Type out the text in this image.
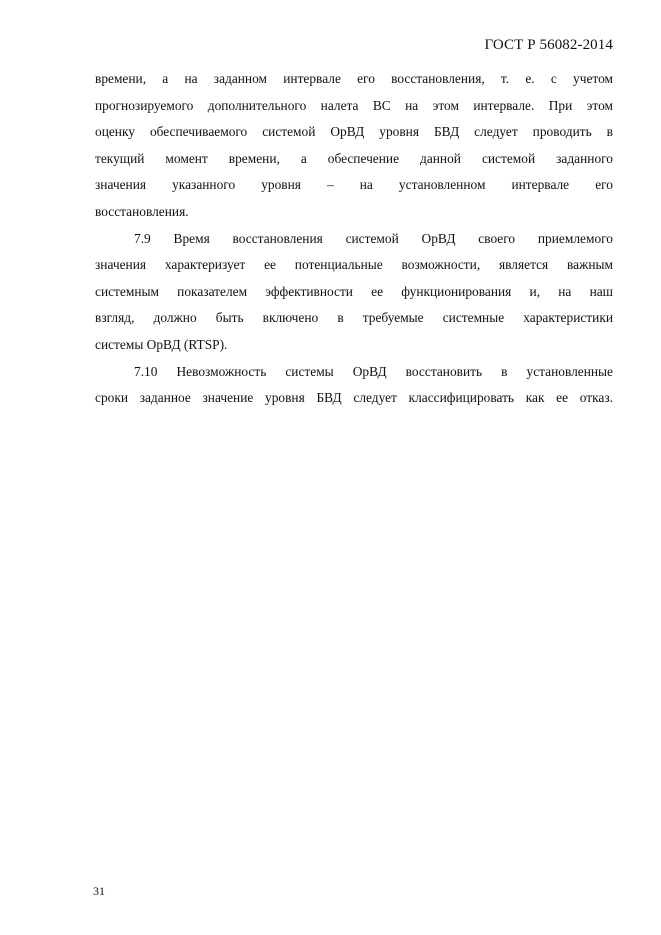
ГОСТ Р 56082-2014
времени, а на заданном интервале его восстановления, т. е. с учетом
прогнозируемого дополнительного налета ВС на этом интервале. При этом
оценку обеспечиваемого системой ОрВД уровня БВД следует проводить в
текущий момент времени, а обеспечение данной системой заданного
значения указанного уровня – на установленном интервале его
восстановления.
7.9 Время восстановления системой ОрВД своего приемлемого
значения характеризует ее потенциальные возможности, является важным
системным показателем эффективности ее функционирования и, на наш
взгляд, должно быть включено в требуемые системные характеристики
системы ОрВД (RTSP).
7.10 Невозможность системы ОрВД восстановить в установленные
сроки заданное значение уровня БВД следует классифицировать как ее отказ.
31
